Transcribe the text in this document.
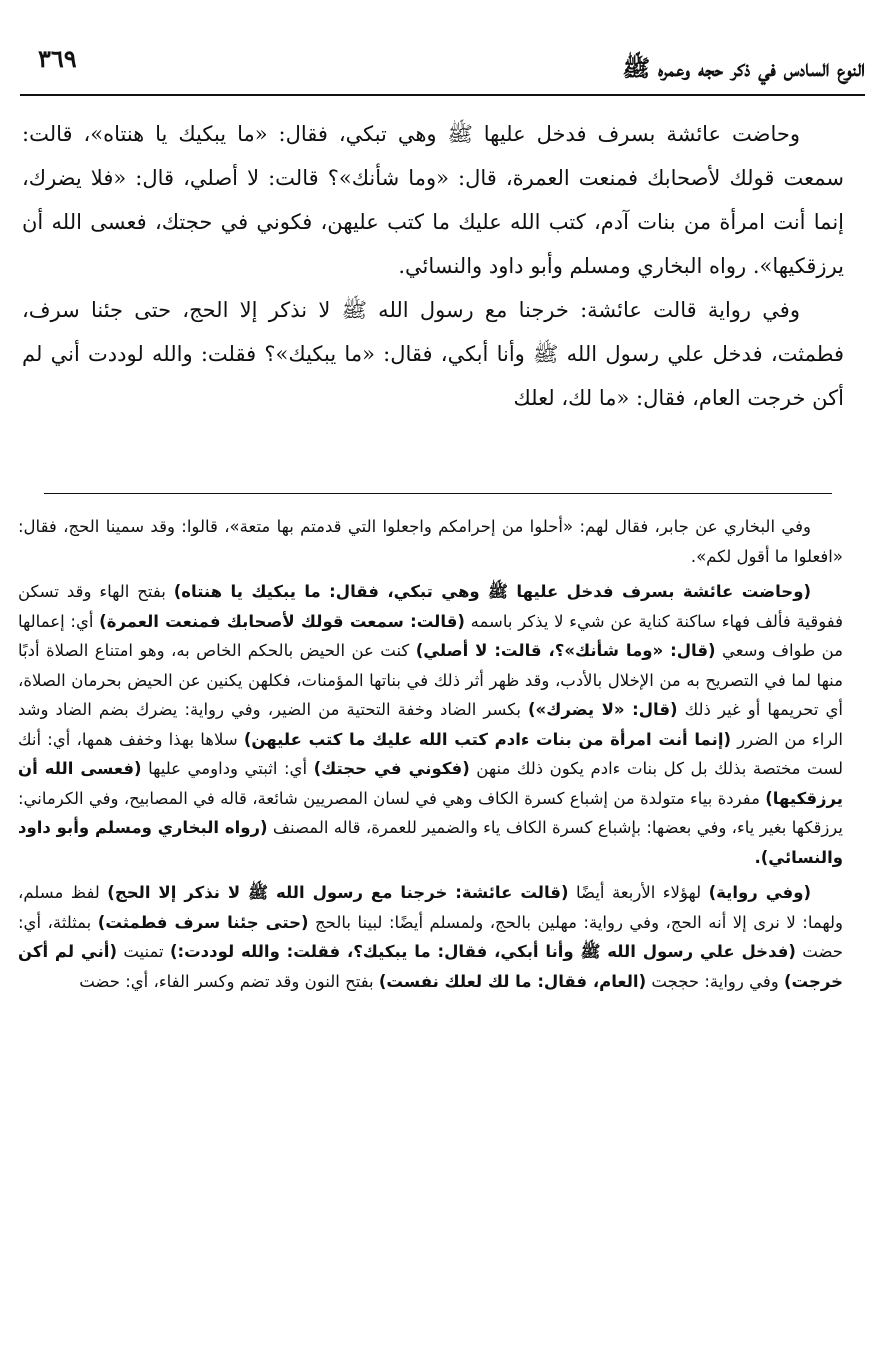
٣٦٩	النوع السادس في ذكر حجه وعمره ﷺ

وحاضت عائشة بسرف فدخل عليها ﷺ وهي تبكي، فقال: «ما يبكيك يا هنتاه»، قالت: سمعت قولك لأصحابك فمنعت العمرة، قال: «وما شأنك»؟ قالت: لا أصلي، قال: «فلا يضرك، إنما أنت امرأة من بنات آدم، كتب الله عليك ما كتب عليهن، فكوني في حجتك، فعسى الله أن يرزقكيها». رواه البخاري ومسلم وأبو داود والنسائي.

وفي رواية قالت عائشة: خرجنا مع رسول الله ﷺ لا نذكر إلا الحج، حتى جئنا سرف، فطمثت، فدخل علي رسول الله ﷺ وأنا أبكي، فقال: «ما يبكيك»؟ فقلت: والله لوددت أني لم أكن خرجت العام، فقال: «ما لك، لعلك

وفي البخاري عن جابر، فقال لهم: «أحلوا من إحرامكم واجعلوا التي قدمتم بها متعة»، قالوا: وقد سمينا الحج، فقال: «افعلوا ما أقول لكم».

(وحاضت عائشة بسرف فدخل عليها ﷺ وهي تبكي، فقال: ما يبكيك يا هنتاه) بفتح الهاء وقد تسكن ففوقية فألف فهاء ساكنة كناية عن شيء لا يذكر باسمه (قالت: سمعت قولك لأصحابك فمنعت العمرة) أي: إعمالها من طواف وسعي (قال: «وما شأنك»؟، قالت: لا أصلي) كنت عن الحيض بالحكم الخاص به، وهو امتناع الصلاة أدبًا منها لما في التصريح به من الإخلال بالأدب، وقد ظهر أثر ذلك في بناتها المؤمنات، فكلهن يكنين عن الحيض بحرمان الصلاة، أي تحريمها أو غير ذلك (قال: «لا يضرك») بكسر الضاد وخفة التحتية من الضير، وفي رواية: يضرك بضم الضاد وشد الراء من الضرر (إنما أنت امرأة من بنات ءادم كتب الله عليك ما كتب عليهن) سلاها بهذا وخفف همها، أي: أنك لست مختصة بذلك بل كل بنات ءادم يكون ذلك منهن (فكوني في حجتك) أي: اثبتي وداومي عليها (فعسى الله أن يرزقكيها) مفردة بياء متولدة من إشباع كسرة الكاف وهي في لسان المصريين شائعة، قاله في المصابيح، وفي الكرماني: يرزقكها بغير ياء، وفي بعضها: بإشباع كسرة الكاف ياء والضمير للعمرة، قاله المصنف (رواه البخاري ومسلم وأبو داود والنسائي).

(وفي رواية) لهؤلاء الأربعة أيضًا (قالت عائشة: خرجنا مع رسول الله ﷺ لا نذكر إلا الحج) لفظ مسلم، ولهما: لا نرى إلا أنه الحج، وفي رواية: مهلين بالحج، ولمسلم أيضًا: لبينا بالحج (حتى جئنا سرف فطمثت) بمثلثة، أي: حضت (فدخل علي رسول الله ﷺ وأنا أبكي، فقال: ما يبكيك؟، فقلت: والله لوددت:) تمنيت (أني لم أكن خرجت) وفي رواية: حججت (العام، فقال: ما لك لعلك نفست) بفتح النون وقد تضم وكسر الفاء، أي: حضت
